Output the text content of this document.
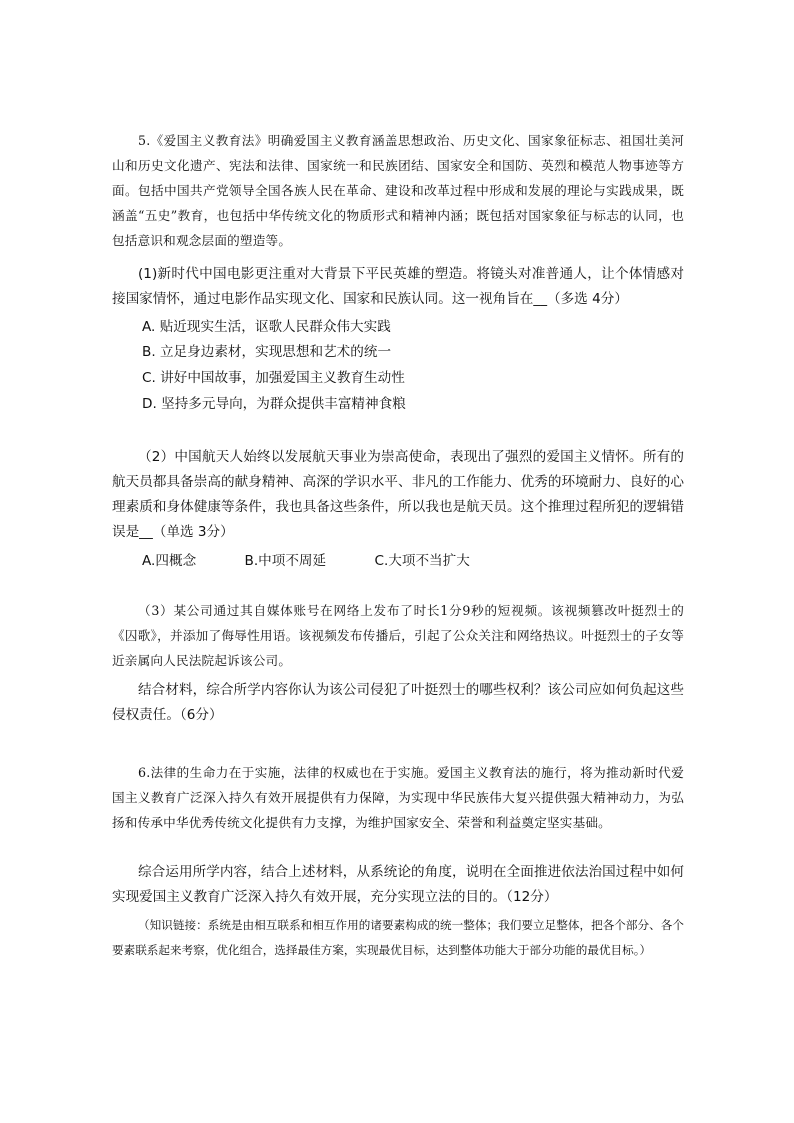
5.《爱国主义教育法》明确爱国主义教育涵盖思想政治、历史文化、国家象征标志、祖国壮美河山和历史文化遗产、宪法和法律、国家统一和民族团结、国家安全和国防、英烈和模范人物事迹等方面。包括中国共产党领导全国各族人民在革命、建设和改革过程中形成和发展的理论与实践成果，既涵盖“五史”教育，也包括中华传统文化的物质形式和精神内涵；既包括对国家象征与标志的认同，也包括意识和观念层面的塑造等。

(1)新时代中国电影更注重对大背景下平民英雄的塑造。将镜头对准普通人，让个体情感对接国家情怀，通过电影作品实现文化、国家和民族认同。这一视角旨在__（多选 4分）

A. 贴近现实生活，讴歌人民群众伟大实践
B. 立足身边素材，实现思想和艺术的统一
C. 讲好中国故事，加强爱国主义教育生动性
D. 坚持多元导向，为群众提供丰富精神食粮

（2）中国航天人始终以发展航天事业为崇高使命，表现出了强烈的爱国主义情怀。所有的航天员都具备崇高的献身精神、高深的学识水平、非凡的工作能力、优秀的环境耐力、良好的心理素质和身体健康等条件，我也具备这些条件，所以我也是航天员。这个推理过程所犯的逻辑错误是__（单选 3分）

A.四概念	B.中项不周延	C.大项不当扩大

（3）某公司通过其自媒体账号在网络上发布了时长1分9秒的短视频。该视频篡改叶挺烈士的《囚歌》，并添加了侮辱性用语。该视频发布传播后，引起了公众关注和网络热议。叶挺烈士的子女等近亲属向人民法院起诉该公司。

结合材料，综合所学内容你认为该公司侵犯了叶挺烈士的哪些权利？该公司应如何负起这些侵权责任。（6分）

6.法律的生命力在于实施，法律的权威也在于实施。爱国主义教育法的施行，将为推动新时代爱国主义教育广泛深入持久有效开展提供有力保障，为实现中华民族伟大复兴提供强大精神动力，为弘扬和传承中华优秀传统文化提供有力支撑，为维护国家安全、荣誉和利益奠定坚实基础。

综合运用所学内容，结合上述材料，从系统论的角度，说明在全面推进依法治国过程中如何实现爱国主义教育广泛深入持久有效开展，充分实现立法的目的。（12分）

（知识链接：系统是由相互联系和相互作用的诸要素构成的统一整体；我们要立足整体，把各个部分、各个要素联系起来考察，优化组合，选择最佳方案，实现最优目标，达到整体功能大于部分功能的最优目标。）
